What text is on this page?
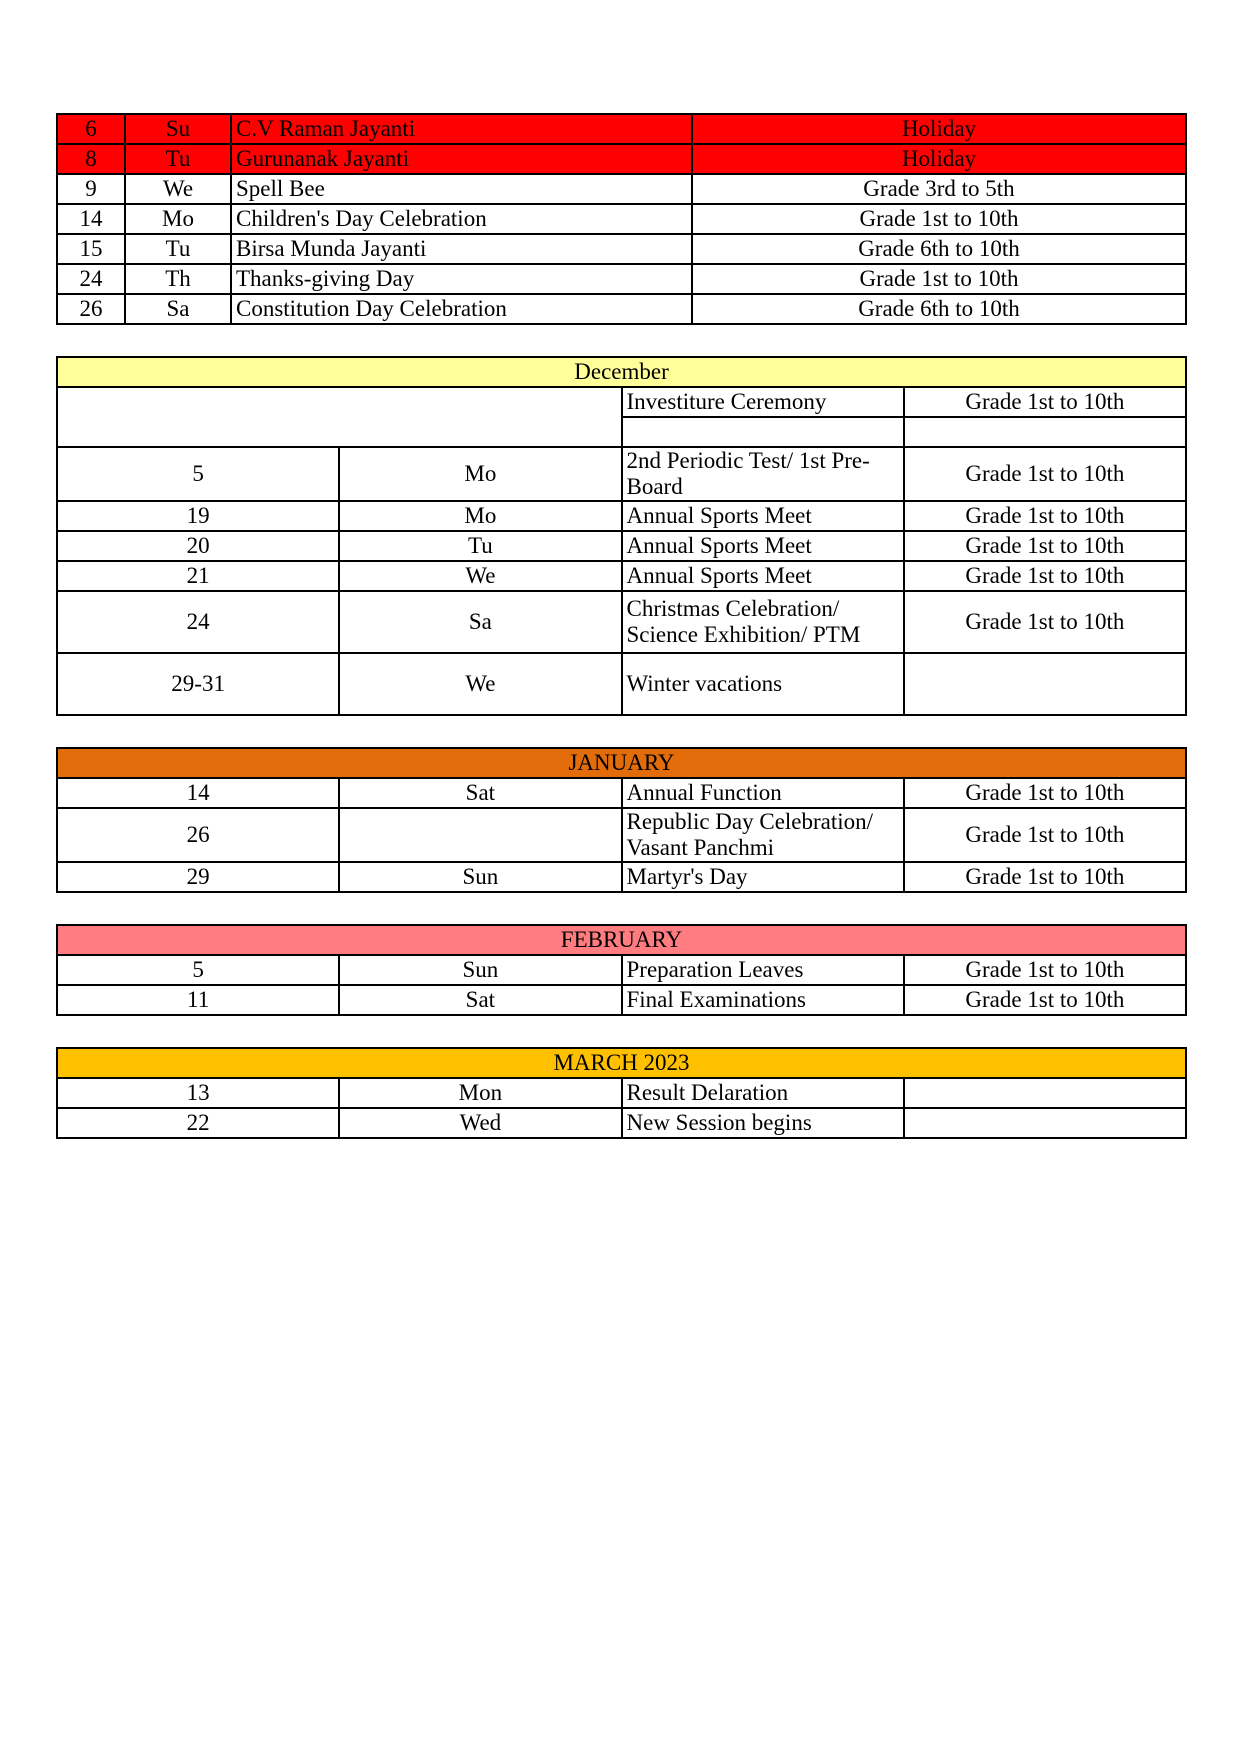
6	Su	C.V Raman Jayanti	Holiday
8	Tu	Gurunanak Jayanti	Holiday
9	We	Spell Bee	Grade 3rd to 5th
14	Mo	Children's Day Celebration	Grade 1st to 10th
15	Tu	Birsa Munda Jayanti	Grade 6th to 10th
24	Th	Thanks-giving Day	Grade 1st to 10th
26	Sa	Constitution Day Celebration	Grade 6th to 10th
December			
		Investiture Ceremony	Grade 1st to 10th

5	Mo	2nd Periodic Test/ 1st Pre-Board	Grade 1st to 10th
19	Mo	Annual Sports Meet	Grade 1st to 10th
20	Tu	Annual Sports Meet	Grade 1st to 10th
21	We	Annual Sports Meet	Grade 1st to 10th
24	Sa	Christmas Celebration/ Science Exhibition/ PTM	Grade 1st to 10th
29-31	We	Winter vacations	
JANUARY			
14	Sat	Annual Function	Grade 1st to 10th
26		Republic Day Celebration/ Vasant Panchmi	Grade 1st to 10th
29	Sun	Martyr's Day	Grade 1st to 10th
FEBRUARY			
5	Sun	Preparation Leaves	Grade 1st to 10th
11	Sat	Final Examinations	Grade 1st to 10th
MARCH 2023			
13	Mon	Result Delaration	
22	Wed	New Session begins	
